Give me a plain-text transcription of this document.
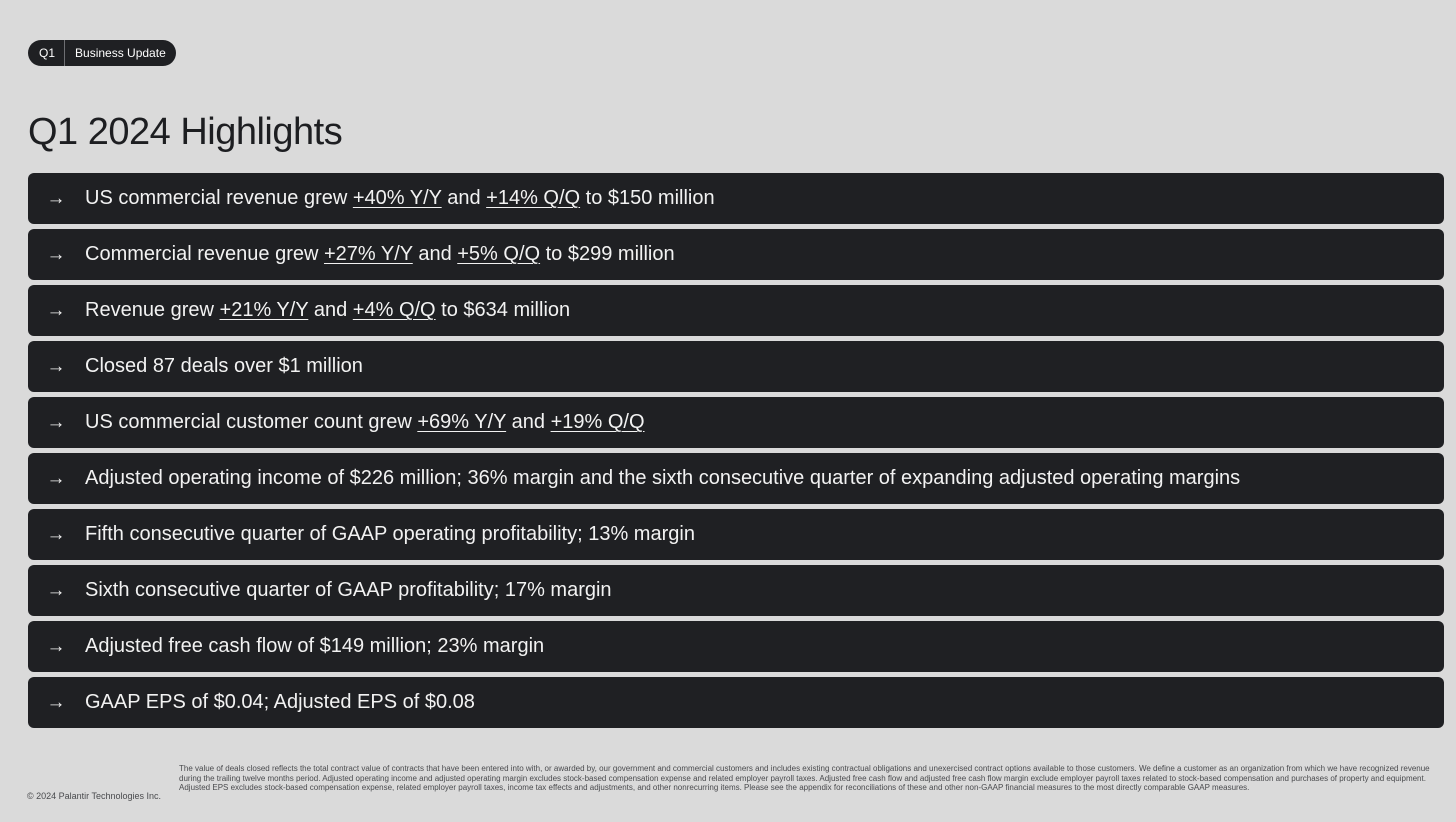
Q1	Business Update
Q1 2024 Highlights
→ US commercial revenue grew +40% Y/Y and +14% Q/Q to $150 million
→ Commercial revenue grew +27% Y/Y and +5% Q/Q to $299 million
→ Revenue grew +21% Y/Y and +4% Q/Q to $634 million
→ Closed 87 deals over $1 million
→ US commercial customer count grew +69% Y/Y and +19% Q/Q
→ Adjusted operating income of $226 million; 36% margin and the sixth consecutive quarter of expanding adjusted operating margins
→ Fifth consecutive quarter of GAAP operating profitability; 13% margin
→ Sixth consecutive quarter of GAAP profitability; 17% margin
→ Adjusted free cash flow of $149 million; 23% margin
→ GAAP EPS of $0.04; Adjusted EPS of $0.08
© 2024 Palantir Technologies Inc.
The value of deals closed reflects the total contract value of contracts that have been entered into with, or awarded by, our government and commercial customers and includes existing contractual obligations and unexercised contract options available to those customers. We define a customer as an organization from which we have recognized revenue during the trailing twelve months period. Adjusted operating income and adjusted operating margin excludes stock-based compensation expense and related employer payroll taxes. Adjusted free cash flow and adjusted free cash flow margin exclude employer payroll taxes related to stock-based compensation and purchases of property and equipment. Adjusted EPS excludes stock-based compensation expense, related employer payroll taxes, income tax effects and adjustments, and other nonrecurring items. Please see the appendix for reconciliations of these and other non-GAAP financial measures to the most directly comparable GAAP measures.
